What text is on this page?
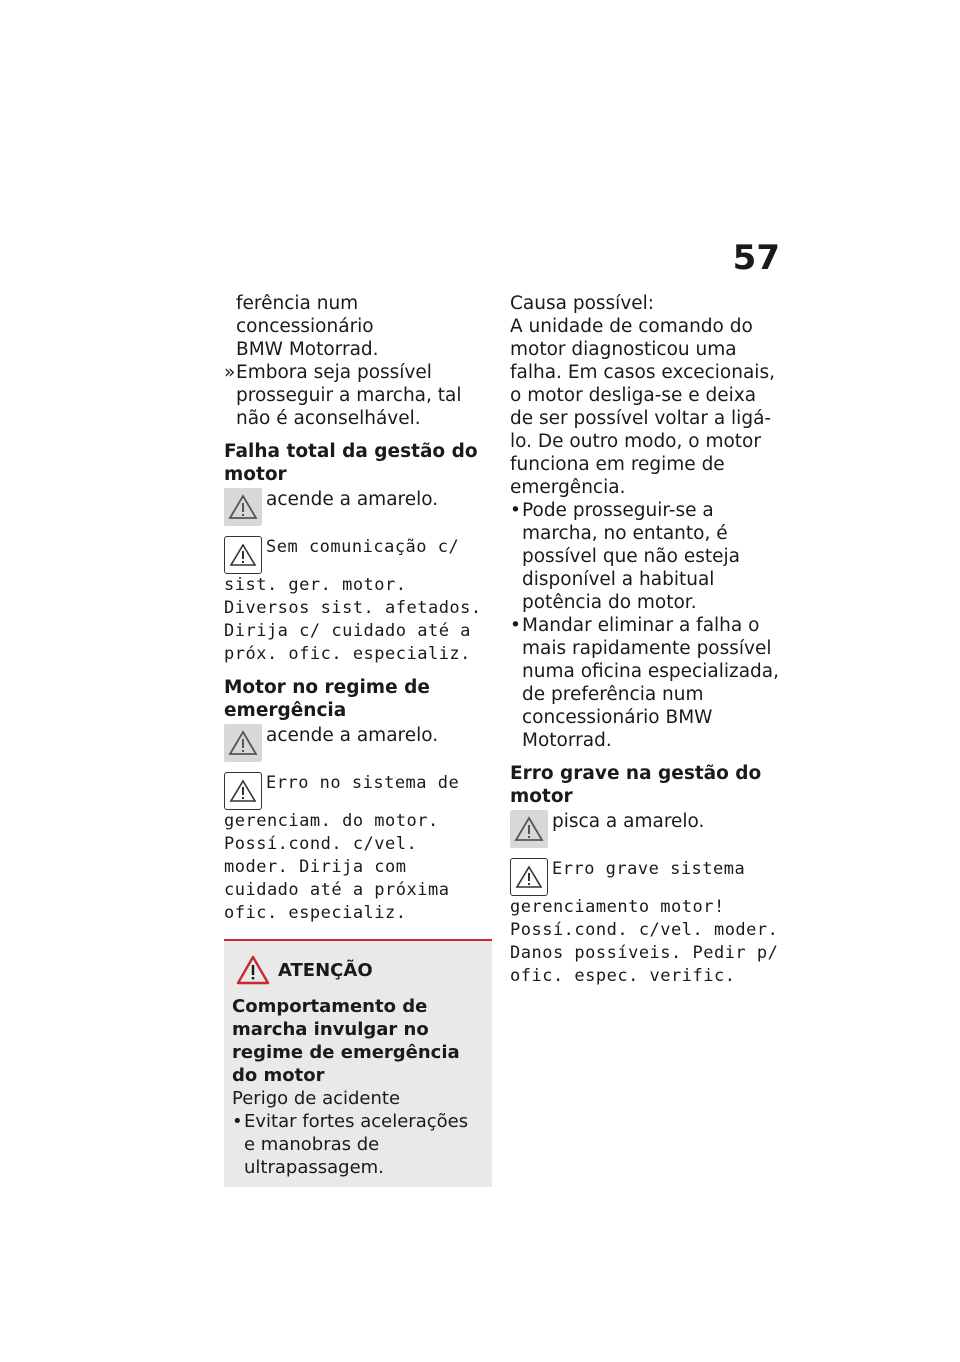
57

ferência num concessionário

BMW Motorrad.

» Embora seja possível prosseguir a marcha, tal não é aconselhável.
Falha total da gestão do motor

acende a amarelo.

Sem comunicação c/
sist. ger. motor. Diversos sist. afetados. Dirija c/ cuidado até a próx. ofic. especializ.
Motor no regime de emergência

acende a amarelo.

Erro no sistema de
gerenciam. do motor. Possí.cond. c/vel. moder. Dirija com cuidado até a próxima ofic. especializ.
ATENÇÃO

Comportamento de marcha invulgar no regime de emergência do motor

Perigo de acidente

• Evitar fortes acelerações e manobras de ultrapassagem.

Causa possível:

A unidade de comando do motor diagnosticou uma falha. Em casos excecionais, o motor desliga-se e deixa de ser possível voltar a ligá-lo. De outro modo, o motor funciona em regime de emergência.

• Pode prosseguir-se a marcha, no entanto, é possível que não esteja disponível a habitual potência do motor.
• Mandar eliminar a falha o mais rapidamente possível numa oficina especializada, de preferência num concessionário BMW Motorrad.
Erro grave na gestão do motor

pisca a amarelo.

Erro grave sistema
gerenciamento motor! Possí.cond. c/vel. moder. Danos possíveis. Pedir p/ ofic. espec. verific.
